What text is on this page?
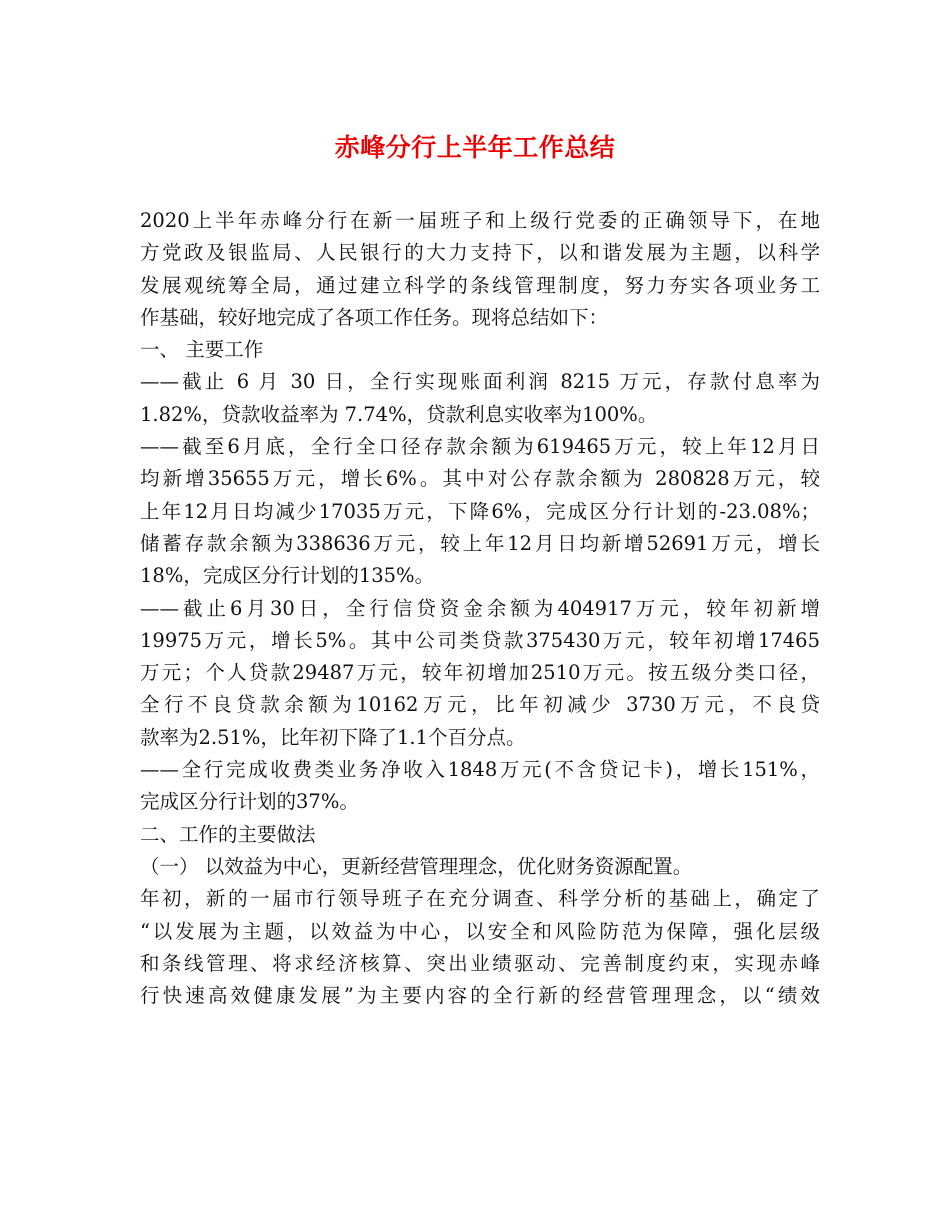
赤峰分行上半年工作总结
2020上半年赤峰分行在新一届班子和上级行党委的正确领导下，在地
方党政及银监局、人民银行的大力支持下，以和谐发展为主题，以科学
发展观统筹全局，通过建立科学的条线管理制度，努力夯实各项业务工
作基础，较好地完成了各项工作任务。现将总结如下：
一、 主要工作
——截止 6 月 30 日，全行实现账面利润 8215 万元，存款付息率为
1.82%，贷款收益率为 7.74%，贷款利息实收率为100%。
——截至6月底，全行全口径存款余额为619465万元，较上年12月日
均新增35655万元，增长6%。其中对公存款余额为 280828万元，较
上年12月日均减少17035万元，下降6%，完成区分行计划的-23.08%；
储蓄存款余额为338636万元，较上年12月日均新增52691万元，增长
18%，完成区分行计划的135%。
——截止6月30日，全行信贷资金余额为404917万元，较年初新增
19975万元，增长5%。其中公司类贷款375430万元，较年初增17465
万元；个人贷款29487万元，较年初增加2510万元。按五级分类口径，
全行不良贷款余额为10162万元，比年初减少 3730万元，不良贷
款率为2.51%，比年初下降了1.1个百分点。
——全行完成收费类业务净收入1848万元(不含贷记卡)，增长151%，
完成区分行计划的37%。
二、工作的主要做法
（一） 以效益为中心，更新经营管理理念，优化财务资源配置。
年初，新的一届市行领导班子在充分调查、科学分析的基础上，确定了
“以发展为主题，以效益为中心，以安全和风险防范为保障，强化层级
和条线管理、将求经济核算、突出业绩驱动、完善制度约束，实现赤峰
行快速高效健康发展”为主要内容的全行新的经营管理理念，以“绩效
